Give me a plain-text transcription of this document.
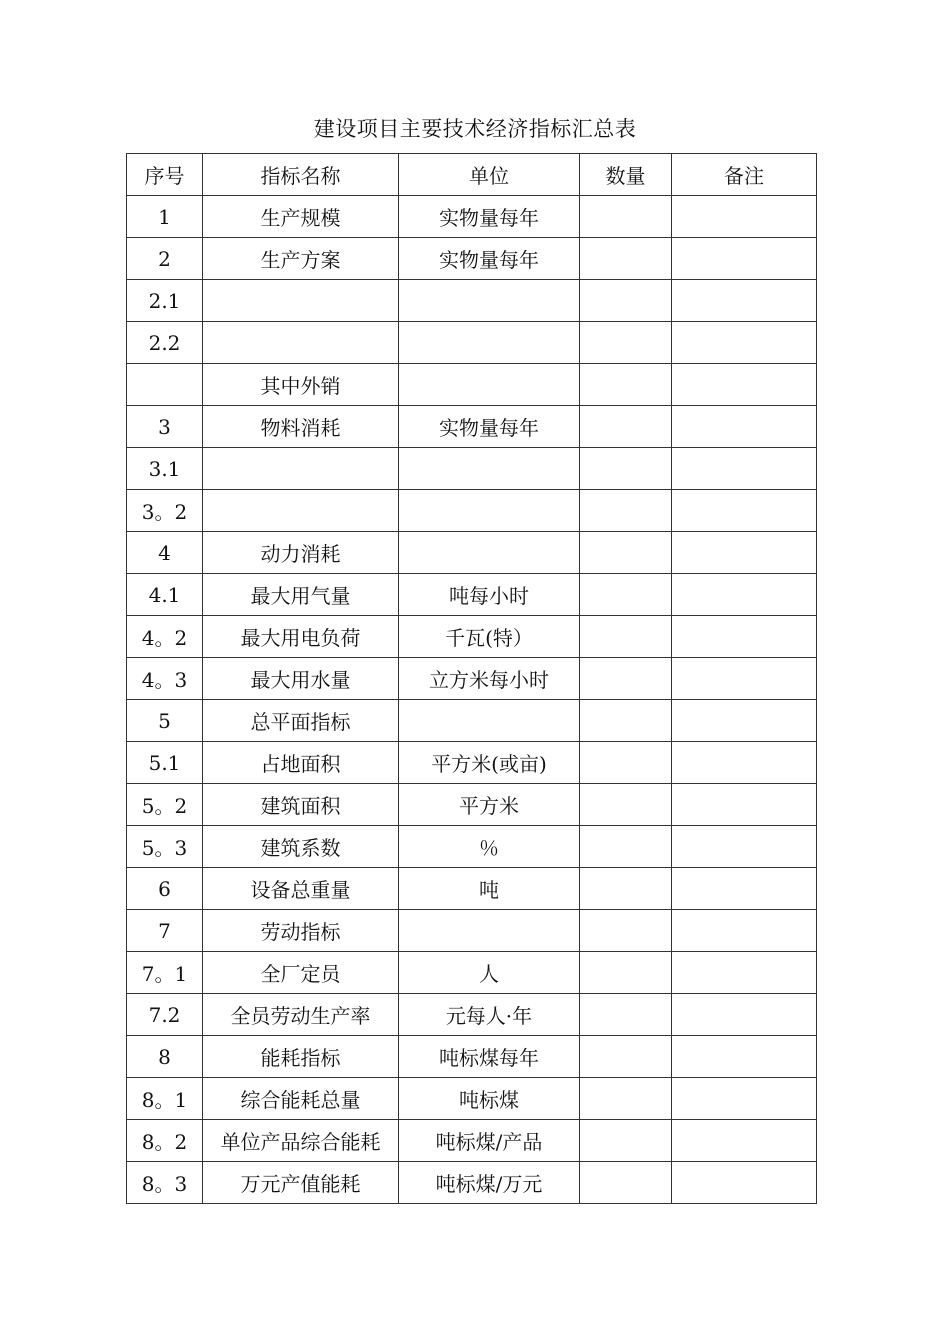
建设项目主要技术经济指标汇总表
序号	指标名称	单位	数量	备注
1	生产规模	实物量每年		
2	生产方案	实物量每年		
2.1				
2.2				
	其中外销			
3	物料消耗	实物量每年		
3.1				
3。2				
4	动力消耗			
4.1	最大用气量	吨每小时		
4。2	最大用电负荷	千瓦(特）		
4。3	最大用水量	立方米每小时		
5	总平面指标			
5.1	占地面积	平方米(或亩)		
5。2	建筑面积	平方米		
5。3	建筑系数	％		
6	设备总重量	吨		
7	劳动指标			
7。1	全厂定员	人		
7.2	全员劳动生产率	元每人·年		
8	能耗指标	吨标煤每年		
8。1	综合能耗总量	吨标煤		
8。2	单位产品综合能耗	吨标煤/产品		
8。3	万元产值能耗	吨标煤/万元		
